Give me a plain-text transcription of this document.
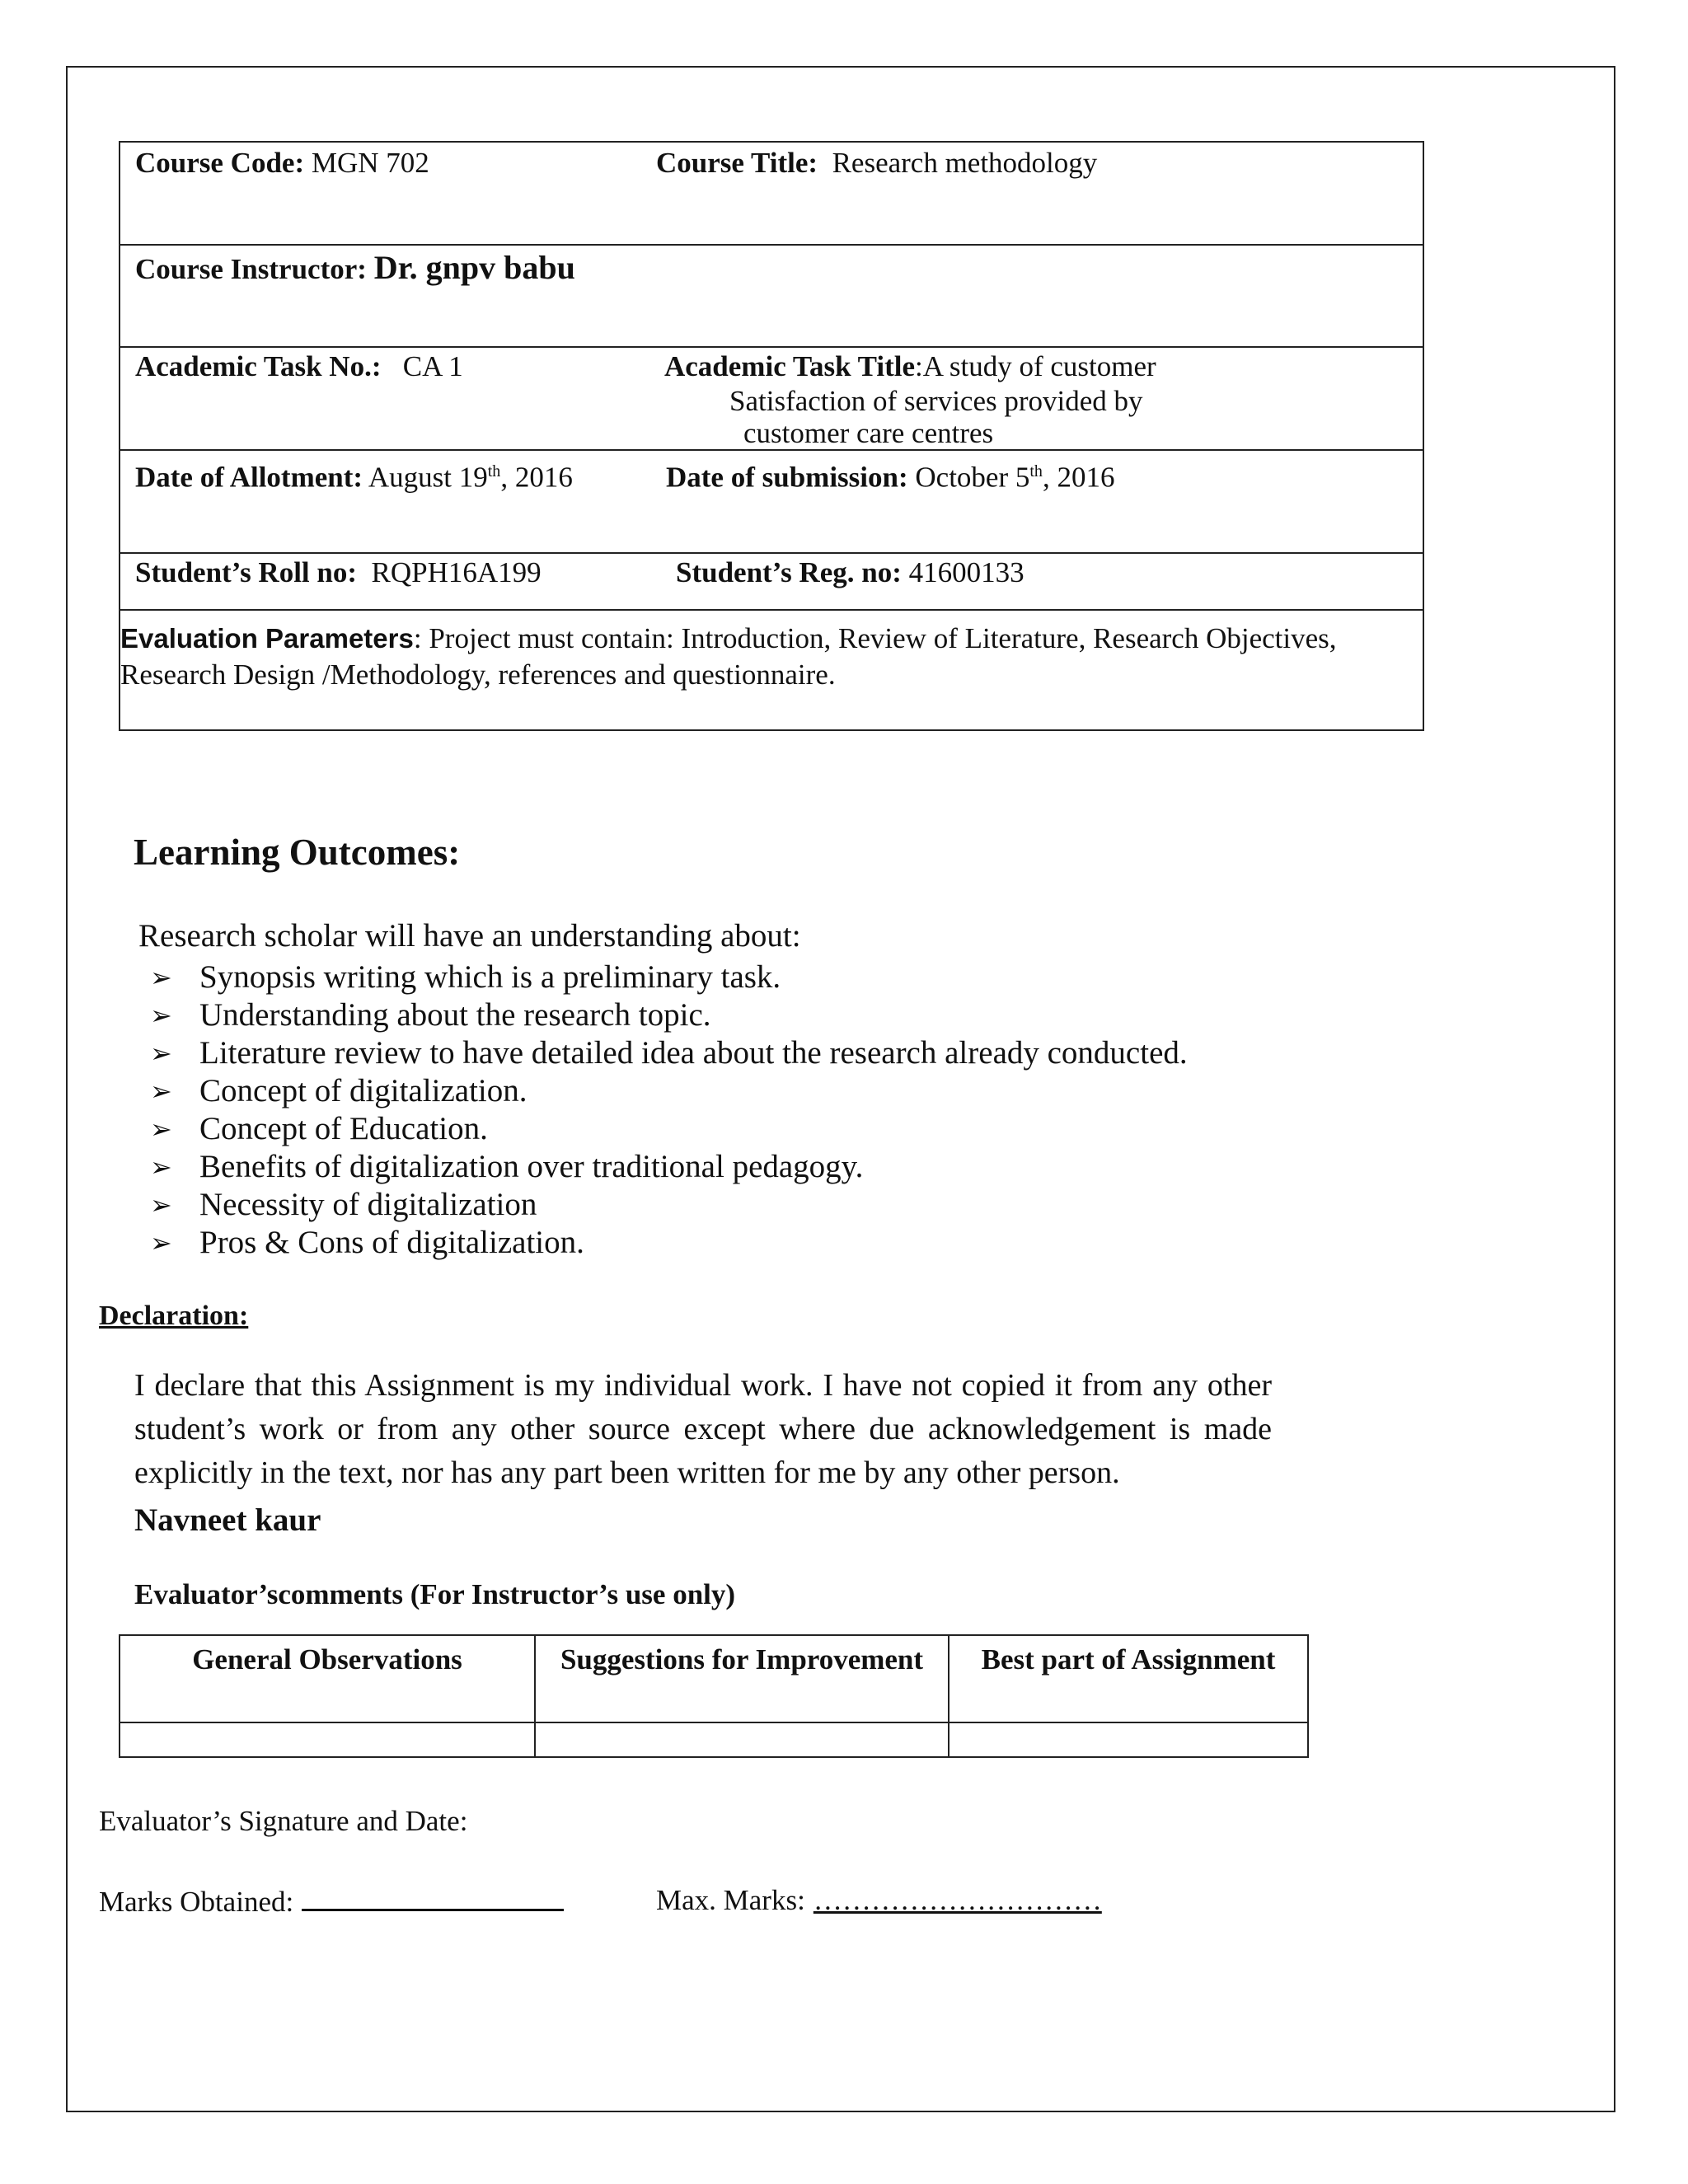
Course Code: MGN 702	Course Title: Research methodology
Course Instructor: Dr. gnpv babu
Academic Task No.: CA 1	Academic Task Title:A study of customer
Satisfaction of services provided by
customer care centres
Date of Allotment: August 19th, 2016	Date of submission: October 5th, 2016
Student’s Roll no: RQPH16A199	Student’s Reg. no: 41600133
Evaluation Parameters: Project must contain: Introduction, Review of Literature, Research Objectives, Research Design /Methodology, references and questionnaire.
Learning Outcomes:
Research scholar will have an understanding about:
➢ Synopsis writing which is a preliminary task.
➢ Understanding about the research topic.
➢ Literature review to have detailed idea about the research already conducted.
➢ Concept of digitalization.
➢ Concept of Education.
➢ Benefits of digitalization over traditional pedagogy.
➢ Necessity of digitalization
➢ Pros & Cons of digitalization.
Declaration:
I declare that this Assignment is my individual work. I have not copied it from any other student’s work or from any other source except where due acknowledgement is made explicitly in the text, nor has any part been written for me by any other person.
Navneet kaur
Evaluator’scomments (For Instructor’s use only)
General Observations	Suggestions for Improvement	Best part of Assignment

Evaluator’s Signature and Date:
Marks Obtained:	Max. Marks: …………………………
